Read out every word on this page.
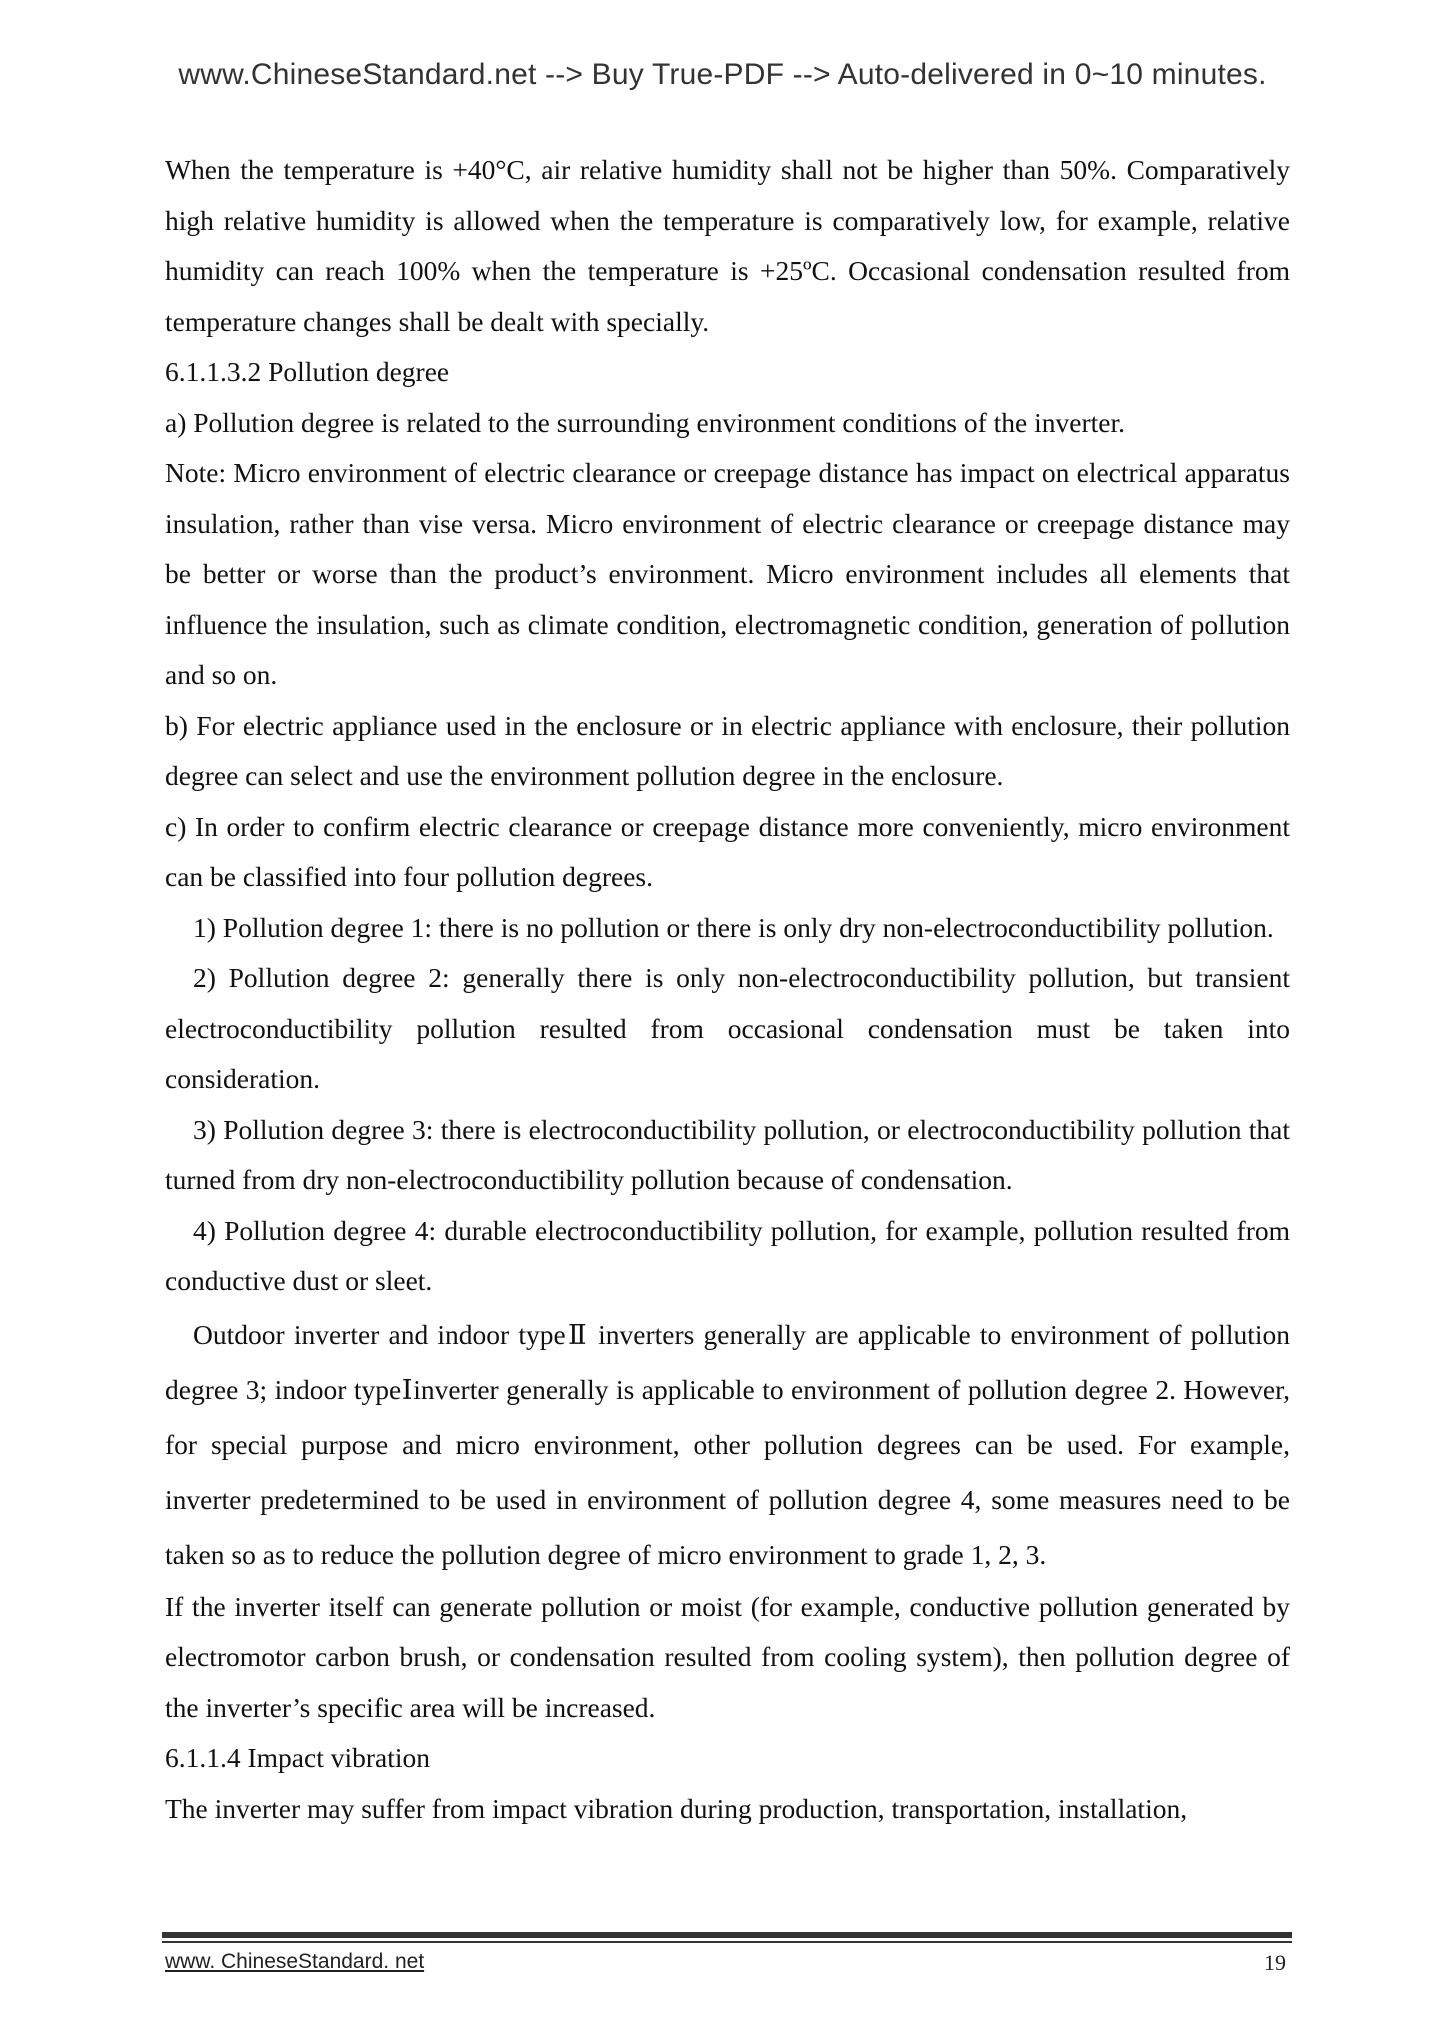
www.ChineseStandard.net --> Buy True-PDF --> Auto-delivered in 0~10 minutes.

When the temperature is +40°C, air relative humidity shall not be higher than 50%. Comparatively high relative humidity is allowed when the temperature is comparatively low, for example, relative humidity can reach 100% when the temperature is +25ºC. Occasional condensation resulted from temperature changes shall be dealt with specially.

6.1.1.3.2 Pollution degree

a) Pollution degree is related to the surrounding environment conditions of the inverter.

Note: Micro environment of electric clearance or creepage distance has impact on electrical apparatus insulation, rather than vise versa. Micro environment of electric clearance or creepage distance may be better or worse than the product’s environment. Micro environment includes all elements that influence the insulation, such as climate condition, electromagnetic condition, generation of pollution and so on.

b) For electric appliance used in the enclosure or in electric appliance with enclosure, their pollution degree can select and use the environment pollution degree in the enclosure.

c) In order to confirm electric clearance or creepage distance more conveniently, micro environment can be classified into four pollution degrees.

1) Pollution degree 1: there is no pollution or there is only dry non-electroconductibility pollution.

2) Pollution degree 2: generally there is only non-electroconductibility pollution, but transient electroconductibility pollution resulted from occasional condensation must be taken into consideration.

3) Pollution degree 3: there is electroconductibility pollution, or electroconductibility pollution that turned from dry non-electroconductibility pollution because of condensation.

4) Pollution degree 4: durable electroconductibility pollution, for example, pollution resulted from conductive dust or sleet.

Outdoor inverter and indoor typeⅡ inverters generally are applicable to environment of pollution degree 3; indoor typeⅠinverter generally is applicable to environment of pollution degree 2. However, for special purpose and micro environment, other pollution degrees can be used. For example, inverter predetermined to be used in environment of pollution degree 4, some measures need to be taken so as to reduce the pollution degree of micro environment to grade 1, 2, 3.

If the inverter itself can generate pollution or moist (for example, conductive pollution generated by electromotor carbon brush, or condensation resulted from cooling system), then pollution degree of the inverter’s specific area will be increased.

6.1.1.4 Impact vibration

The inverter may suffer from impact vibration during production, transportation, installation,

www. ChineseStandard. net	19
